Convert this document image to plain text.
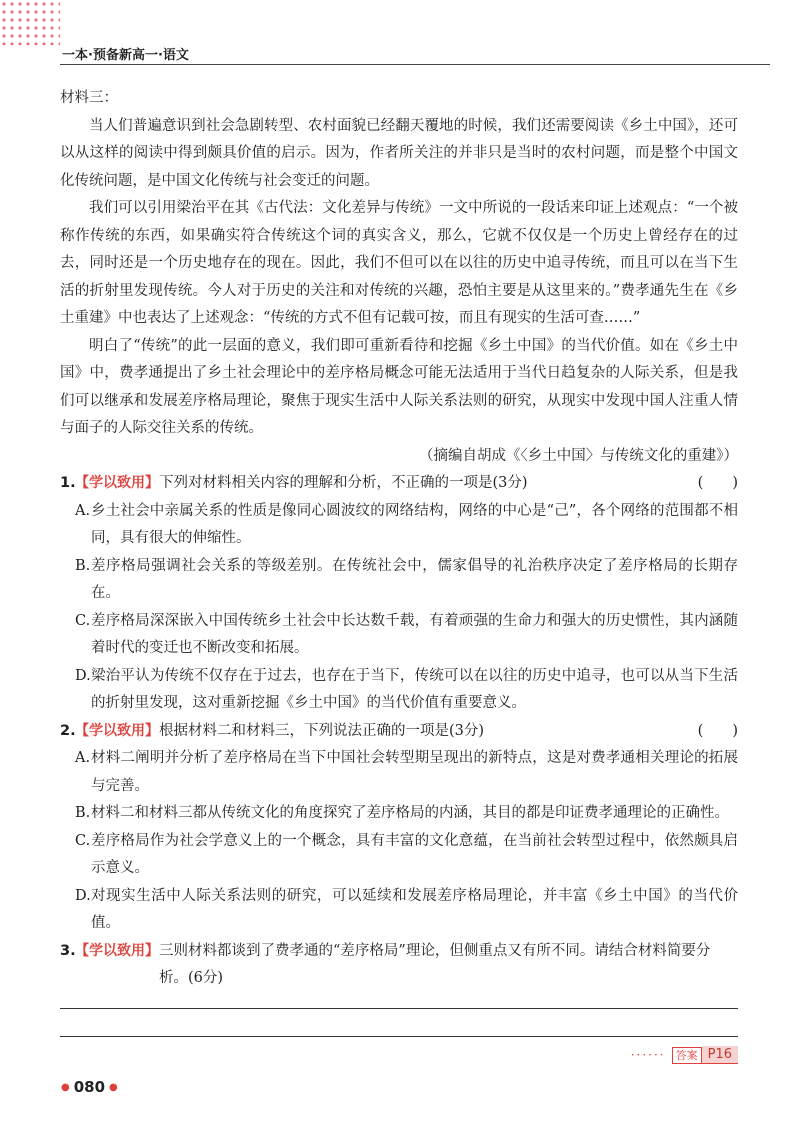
一本·预备新高一·语文

材料三：

当人们普遍意识到社会急剧转型、农村面貌已经翻天覆地的时候，我们还需要阅读《乡土中国》，还可以从这样的阅读中得到颇具价值的启示。因为，作者所关注的并非只是当时的农村问题，而是整个中国文化传统问题，是中国文化传统与社会变迁的问题。

我们可以引用梁治平在其《古代法：文化差异与传统》一文中所说的一段话来印证上述观点：“一个被称作传统的东西，如果确实符合传统这个词的真实含义，那么，它就不仅仅是一个历史上曾经存在的过去，同时还是一个历史地存在的现在。因此，我们不但可以在以往的历史中追寻传统，而且可以在当下生活的折射里发现传统。今人对于历史的关注和对传统的兴趣，恐怕主要是从这里来的。”费孝通先生在《乡土重建》中也表达了上述观念：“传统的方式不但有记载可按，而且有现实的生活可查……”

明白了“传统”的此一层面的意义，我们即可重新看待和挖掘《乡土中国》的当代价值。如在《乡土中国》中，费孝通提出了乡土社会理论中的差序格局概念可能无法适用于当代日趋复杂的人际关系，但是我们可以继承和发展差序格局理论，聚焦于现实生活中人际关系法则的研究，从现实中发现中国人注重人情与面子的人际交往关系的传统。

（摘编自胡成《〈乡土中国〉与传统文化的重建》）

1. 【学以致用】 下列对材料相关内容的理解和分析，不正确的一项是(3分)	(　　)
A. 乡土社会中亲属关系的性质是像同心圆波纹的网络结构，网络的中心是“己”，各个网络的范围都不相同，具有很大的伸缩性。
B. 差序格局强调社会关系的等级差别。在传统社会中，儒家倡导的礼治秩序决定了差序格局的长期存在。
C. 差序格局深深嵌入中国传统乡土社会中长达数千载，有着顽强的生命力和强大的历史惯性，其内涵随着时代的变迁也不断改变和拓展。
D. 梁治平认为传统不仅存在于过去，也存在于当下，传统可以在以往的历史中追寻，也可以从当下生活的折射里发现，这对重新挖掘《乡土中国》的当代价值有重要意义。
2. 【学以致用】 根据材料二和材料三，下列说法正确的一项是(3分)	(　　)
A. 材料二阐明并分析了差序格局在当下中国社会转型期呈现出的新特点，这是对费孝通相关理论的拓展与完善。
B. 材料二和材料三都从传统文化的角度探究了差序格局的内涵，其目的都是印证费孝通理论的正确性。
C. 差序格局作为社会学意义上的一个概念，具有丰富的文化意蕴，在当前社会转型过程中，依然颇具启示意义。
D. 对现实生活中人际关系法则的研究，可以延续和发展差序格局理论，并丰富《乡土中国》的当代价值。
3. 【学以致用】 三则材料都谈到了费孝通的“差序格局”理论，但侧重点又有所不同。请结合材料简要分析。(6分)
······ 答案 P16
● 080 ●
